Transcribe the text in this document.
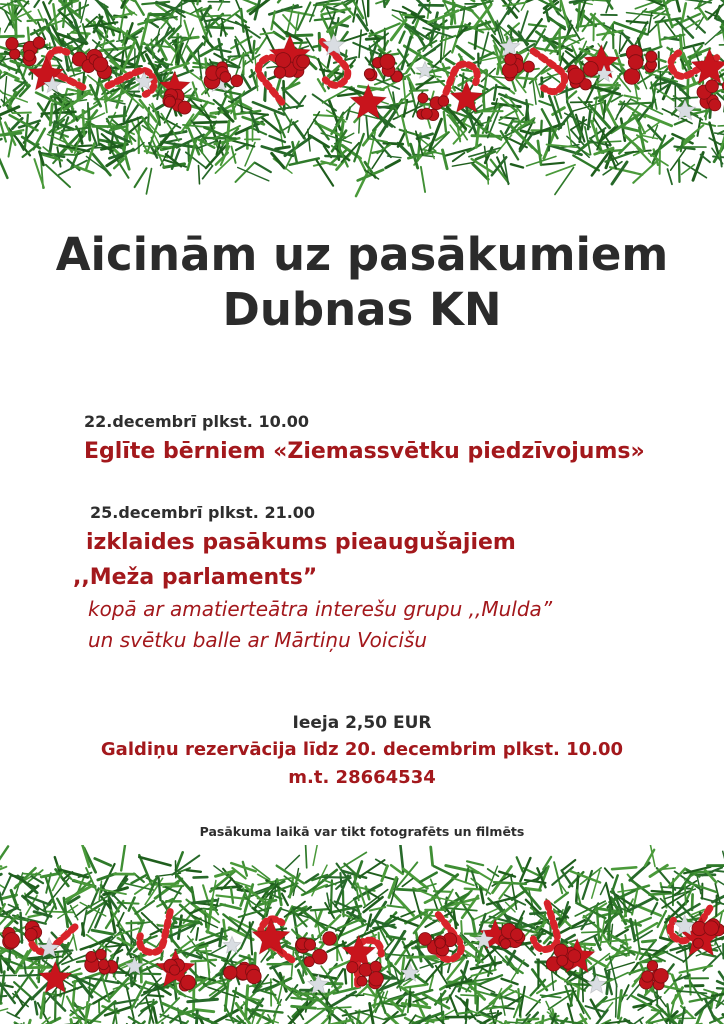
Aicinām uz pasākumiem
Dubnas KN

22.decembrī plkst. 10.00

Eglīte bērniem «Ziemassvētku piedzīvojums»

25.decembrī plkst. 21.00

izklaides pasākums pieaugušajiem

,,Meža parlaments”

kopā ar amatierteātra interešu grupu ,,Mulda”

un svētku balle ar Mārtiņu Voicišu

Ieeja 2,50 EUR

Galdiņu rezervācija līdz 20. decembrim plkst. 10.00

m.t. 28664534

Pasākuma laikā var tikt fotografēts un filmēts
